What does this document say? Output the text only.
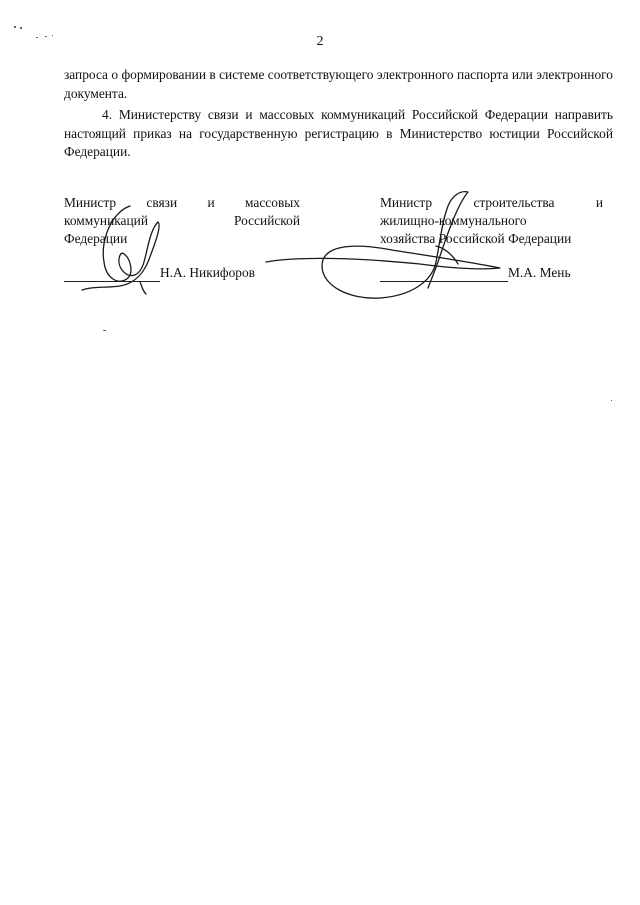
2

запроса о формировании в системе соответствующего электронного паспорта или электронного документа.

4. Министерству связи и массовых коммуникаций Российской Федерации направить настоящий приказ на государственную регистрацию в Министерство юстиции Российской Федерации.

Министр связи и массовых
коммуникаций	Российской
Федерации
Министр	строительства	и
жилищно-коммунального
хозяйства Российской Федерации
Н.А. Никифоров	М.А. Мень
